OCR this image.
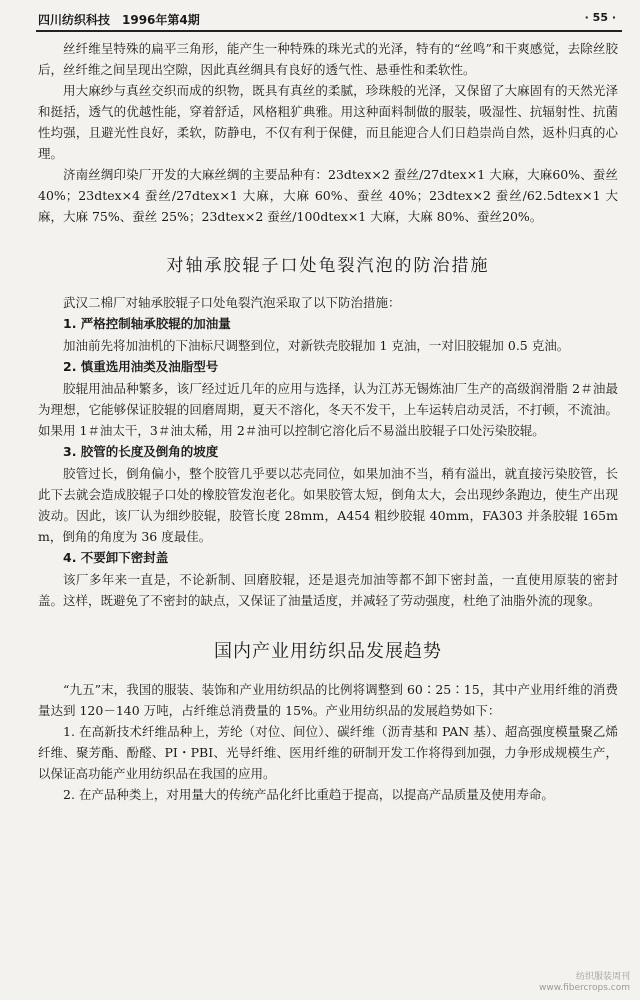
四川纺织科技　1996年第4期	· 55 ·

丝纤维呈特殊的扁平三角形，能产生一种特殊的珠光式的光泽，特有的“丝鸣”和干爽感觉，去除丝胶后，丝纤维之间呈现出空隙，因此真丝绸具有良好的透气性、悬垂性和柔软性。

用大麻纱与真丝交织而成的织物，既具有真丝的柔腻，珍珠般的光泽，又保留了大麻固有的天然光泽和挺括，透气的优越性能，穿着舒适，风格粗犷典雅。用这种面料制做的服装，吸湿性、抗辐射性、抗菌性均强，且避光性良好，柔软，防静电，不仅有利于保健，而且能迎合人们日趋崇尚自然，返朴归真的心理。

济南丝绸印染厂开发的大麻丝绸的主要品种有：23dtex×2 蚕丝/27dtex×1 大麻，大麻60%、蚕丝 40%；23dtex×4 蚕丝/27dtex×1 大麻，大麻 60%、蚕丝 40%；23dtex×2 蚕丝/62.5dtex×1 大麻，大麻 75%、蚕丝 25%；23dtex×2 蚕丝/100dtex×1 大麻，大麻 80%、蚕丝20%。

对轴承胶辊子口处龟裂汽泡的防治措施

武汉二棉厂对轴承胶辊子口处龟裂汽泡采取了以下防治措施：

1. 严格控制轴承胶辊的加油量

加油前先将加油机的下油标尺调整到位，对新铁壳胶辊加 1 克油，一对旧胶辊加 0.5 克油。

2. 慎重选用油类及油脂型号

胶辊用油品种繁多，该厂经过近几年的应用与选择，认为江苏无锡炼油厂生产的高级润滑脂 2＃油最为理想，它能够保证胶辊的回磨周期，夏天不溶化，冬天不发干，上车运转启动灵活，不打顿，不流油。如果用 1＃油太干，3＃油太稀，用 2＃油可以控制它溶化后不易溢出胶辊子口处污染胶辊。

3. 胶管的长度及倒角的坡度

胶管过长，倒角偏小，整个胶管几乎要以芯壳同位，如果加油不当，稍有溢出，就直接污染胶管，长此下去就会造成胶辊子口处的橡胶管发泡老化。如果胶管太短，倒角太大，会出现纱条跑边，使生产出现波动。因此，该厂认为细纱胶辊，胶管长度 28mm，A454 粗纱胶辊 40mm，FA303 并条胶辊 165mm，倒角的角度为 36 度最佳。

4. 不要卸下密封盖

该厂多年来一直是，不论新制、回磨胶辊，还是退壳加油等都不卸下密封盖，一直使用原装的密封盖。这样，既避免了不密封的缺点，又保证了油量适度，并减轻了劳动强度，杜绝了油脂外流的现象。

国内产业用纺织品发展趋势

“九五”末，我国的服装、装饰和产业用纺织品的比例将调整到 60∶25∶15，其中产业用纤维的消费量达到 120－140 万吨，占纤维总消费量的 15%。产业用纺织品的发展趋势如下：

1. 在高新技术纤维品种上，芳纶（对位、间位）、碳纤维（沥青基和 PAN 基）、超高强度模量聚乙烯纤维、聚芳酯、酚醛、PI・PBI、光导纤维、医用纤维的研制开发工作将得到加强，力争形成规模生产，以保证高功能产业用纺织品在我国的应用。

2. 在产品种类上，对用量大的传统产品化纤比重趋于提高，以提高产品质量及使用寿命。

纺织服装周刊
www.fibercrops.com
